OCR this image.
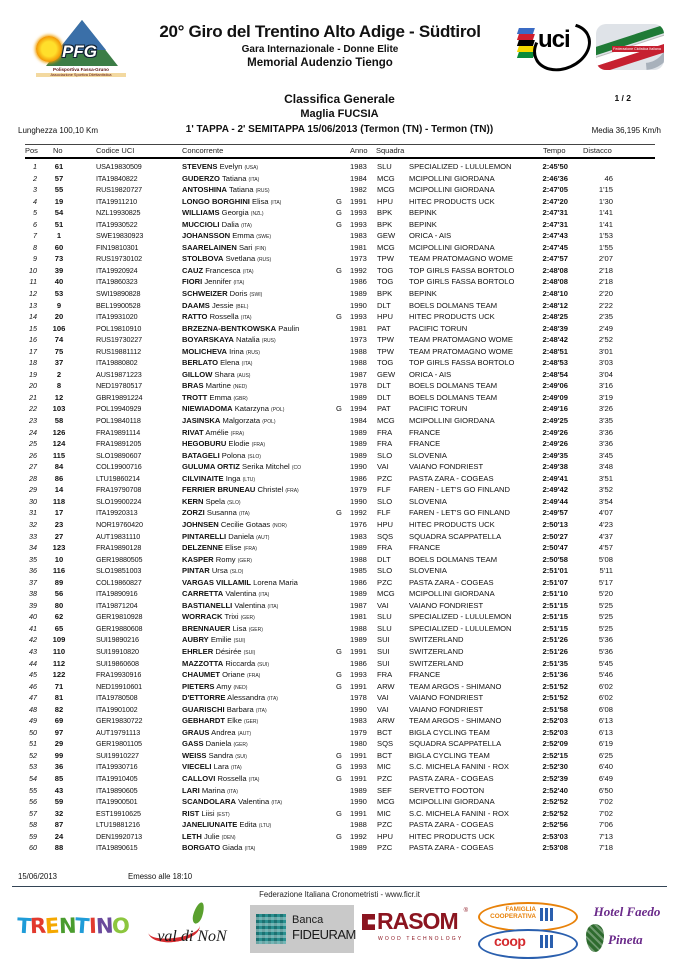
PFG
Polisportiva Fassa-Gruno
Associazione Sportiva Dilettantistica
20° Giro del Trentino Alto Adige - Südtirol
Gara Internazionale - Donne Elite
Memorial Audenzio Tiengo
uci	Federazione Ciclistica Italiana
Classifica Generale	1 / 2
Maglia FUCSIA
Lunghezza 100,10 Km	1' TAPPA - 2' SEMITAPPA 15/06/2013 (Termon (TN) - Termon (TN))	Media 36,195 Km/h
Pos No	Codice UCI	Concorrente	Anno Squadra	Tempo Distacco
1	61	USA19830509	STEVENS Evelyn (USA)	1983 SLU SPECIALIZED - LULULEMON	2:45'50
2	57	ITA19840822	GUDERZO Tatiana (ITA)	1984 MCG MCIPOLLINI GIORDANA	2:46'36	46
3	55	RUS19820727	ANTOSHINA Tatiana (RUS)	1982 MCG MCIPOLLINI GIORDANA	2:47'05	1'15
4	19	ITA19911210	LONGO BORGHINI Elisa (ITA)	G	1991 HPU HITEC PRODUCTS UCK	2:47'20	1'30
5	54	NZL19930825	WILLIAMS Georgia (NZL)	G	1993 BPK BEPINK	2:47'31	1'41
6	51	ITA19930522	MUCCIOLI Dalia (ITA)	G	1993 BPK BEPINK	2:47'31	1'41
7	1	SWE19830923	JOHANSSON Emma (SWE)	1983 GEW ORICA - AIS	2:47'43	1'53
8	60	FIN19810301	SAARELAINEN Sari (FIN)	1981 MCG MCIPOLLINI GIORDANA	2:47'45	1'55
9	73	RUS19730102	STOLBOVA Svetlana (RUS)	1973 TPW TEAM PRATOMAGNO WOME	2:47'57	2'07
10	39	ITA19920924	CAUZ Francesca (ITA)	G	1992 TOG TOP GIRLS FASSA BORTOLO	2:48'08	2'18
11	40	ITA19860323	FIORI Jennifer (ITA)	1986 TOG TOP GIRLS FASSA BORTOLO	2:48'08	2'18
12	53	SWI19890828	SCHWEIZER Doris (SWI)	1989 BPK BEPINK	2:48'10	2'20
13	9	BEL19900528	DAAMS Jessie (BEL)	1990 DLT BOELS DOLMANS TEAM	2:48'12	2'22
14	20	ITA19931020	RATTO Rossella (ITA)	G	1993 HPU HITEC PRODUCTS UCK	2:48'25	2'35
15	106	POL19810910	BRZEZNA-BENTKOWSKA Paulin	1981 PAT PACIFIC TORUN	2:48'39	2'49
16	74	RUS19730227	BOYARSKAYA Natalia (RUS)	1973 TPW TEAM PRATOMAGNO WOME	2:48'42	2'52
17	75	RUS19881112	MOLICHEVA Irina (RUS)	1988 TPW TEAM PRATOMAGNO WOME	2:48'51	3'01
18	37	ITA19880802	BERLATO Elena (ITA)	1988 TOG TOP GIRLS FASSA BORTOLO	2:48'53	3'03
19	2	AUS19871223	GILLOW Shara (AUS)	1987 GEW ORICA - AIS	2:48'54	3'04
20	8	NED19780517	BRAS Martine (NED)	1978 DLT BOELS DOLMANS TEAM	2:49'06	3'16
21	12	GBR19891224	TROTT Emma (GBR)	1989 DLT BOELS DOLMANS TEAM	2:49'09	3'19
22	103	POL19940929	NIEWIADOMA Katarzyna (POL)	G	1994 PAT PACIFIC TORUN	2:49'16	3'26
23	58	POL19840118	JASINSKA Malgorzata (POL)	1984 MCG MCIPOLLINI GIORDANA	2:49'25	3'35
24	126	FRA19891114	RIVAT Amélie (FRA)	1989 FRA FRANCE	2:49'26	3'36
25	124	FRA19891205	HEGOBURU Elodie (FRA)	1989 FRA FRANCE	2:49'26	3'36
26	115	SLO19890607	BATAGELI Polona (SLO)	1989 SLO SLOVENIA	2:49'35	3'45
27	84	COL19900716	GULUMA ORTIZ Serika Mitchel (CO	1990 VAI	VAIANO FONDRIEST	2:49'38	3'48
28	86	LTU19860214	CILVINAITE Inga (LTU)	1986 PZC PASTA ZARA - COGEAS	2:49'41	3'51
29	14	FRA19790708	FERRIER BRUNEAU Christel (FRA)	1979 FLF FAREN - LET'S GO FINLAND	2:49'42	3'52
30	118	SLO19900224	KERN Spela (SLO)	1990 SLO SLOVENIA	2:49'44	3'54
31	17	ITA19920313	ZORZI Susanna (ITA)	G	1992 FLF FAREN - LET'S GO FINLAND	2:49'57	4'07
32	23	NOR19760420	JOHNSEN Cecilie Gotaas (NOR)	1976 HPU HITEC PRODUCTS UCK	2:50'13	4'23
33	27	AUT19831110	PINTARELLI Daniela (AUT)	1983 SQS SQUADRA SCAPPATELLA	2:50'27	4'37
34	123	FRA19890128	DELZENNE Elise (FRA)	1989 FRA FRANCE	2:50'47	4'57
35	10	GER19880505	KASPER Romy (GER)	1988 DLT BOELS DOLMANS TEAM	2:50'58	5'08
36	116	SLO19851003	PINTAR Ursa (SLO)	1985 SLO SLOVENIA	2:51'01	5'11
37	89	COL19860827	VARGAS VILLAMIL Lorena Maria	1986 PZC PASTA ZARA - COGEAS	2:51'07	5'17
38	56	ITA19890916	CARRETTA Valentina (ITA)	1989 MCG MCIPOLLINI GIORDANA	2:51'10	5'20
39	80	ITA19871204	BASTIANELLI Valentina (ITA)	1987 VAI	VAIANO FONDRIEST	2:51'15	5'25
40	62	GER19810928	WORRACK Trixi (GER)	1981 SLU SPECIALIZED - LULULEMON	2:51'15	5'25
41	65	GER19880608	BRENNAUER Lisa (GER)	1988 SLU SPECIALIZED - LULULEMON	2:51'15	5'25
42	109	SUI19890216	AUBRY Emilie (SUI)	1989 SUI	SWITZERLAND	2:51'26	5'36
43	110	SUI19910820	EHRLER Désirée (SUI)	G	1991 SUI	SWITZERLAND	2:51'26	5'36
44	112	SUI19860608	MAZZOTTA Riccarda (SUI)	1986 SUI	SWITZERLAND	2:51'35	5'45
45	122	FRA19930916	CHAUMET Oriane (FRA)	G	1993 FRA FRANCE	2:51'36	5'46
46	71	NED19910601	PIETERS Amy (NED)	G	1991 ARW TEAM ARGOS - SHIMANO	2:51'52	6'02
47	81	ITA19780508	D'ETTORRE Alessandra (ITA)	1978 VAI	VAIANO FONDRIEST	2:51'52	6'02
48	82	ITA19901002	GUARISCHI Barbara (ITA)	1990 VAI	VAIANO FONDRIEST	2:51'58	6'08
49	69	GER19830722	GEBHARDT Elke (GER)	1983 ARW TEAM ARGOS - SHIMANO	2:52'03	6'13
50	97	AUT19791113	GRAUS Andrea (AUT)	1979 BCT BIGLA CYCLING TEAM	2:52'03	6'13
51	29	GER19801105	GASS Daniela (GER)	1980 SQS SQUADRA SCAPPATELLA	2:52'09	6'19
52	99	SUI19910227	WEISS Sandra (SUI)	G	1991 BCT BIGLA CYCLING TEAM	2:52'15	6'25
53	36	ITA19930716	VIECELI Lara (ITA)	G	1993 MIC S.C. MICHELA FANINI - ROX	2:52'30	6'40
54	85	ITA19910405	CALLOVI Rossella (ITA)	G	1991 PZC PASTA ZARA - COGEAS	2:52'39	6'49
55	43	ITA19890605	LARI Marina (ITA)	1989 SEF SERVETTO FOOTON	2:52'40	6'50
56	59	ITA19900501	SCANDOLARA Valentina (ITA)	1990 MCG MCIPOLLINI GIORDANA	2:52'52	7'02
57	32	EST19910625	RIST Liisi (EST)	G	1991 MIC S.C. MICHELA FANINI - ROX	2:52'52	7'02
58	87	LTU19881216	JANELIUNAITE Edita (LTU)	1988 PZC PASTA ZARA - COGEAS	2:52'56	7'06
59	24	DEN19920713	LETH Julie (DEN)	G	1992 HPU HITEC PRODUCTS UCK	2:53'03	7'13
60	88	ITA19890615	BORGATO Giada (ITA)	1989 PZC PASTA ZARA - COGEAS	2:53'08	7'18
15/06/2013	Emesso alle 18:10
Federazione Italiana Cronometristi - www.ficr.it
TRENTINO	val di NoN
Banca
FIDEURAM
RASOM ®
WOOD TECHNOLOGY
FAMIGLIA
COOPERATIVA
coop
Hotel Faedo
Pineta
